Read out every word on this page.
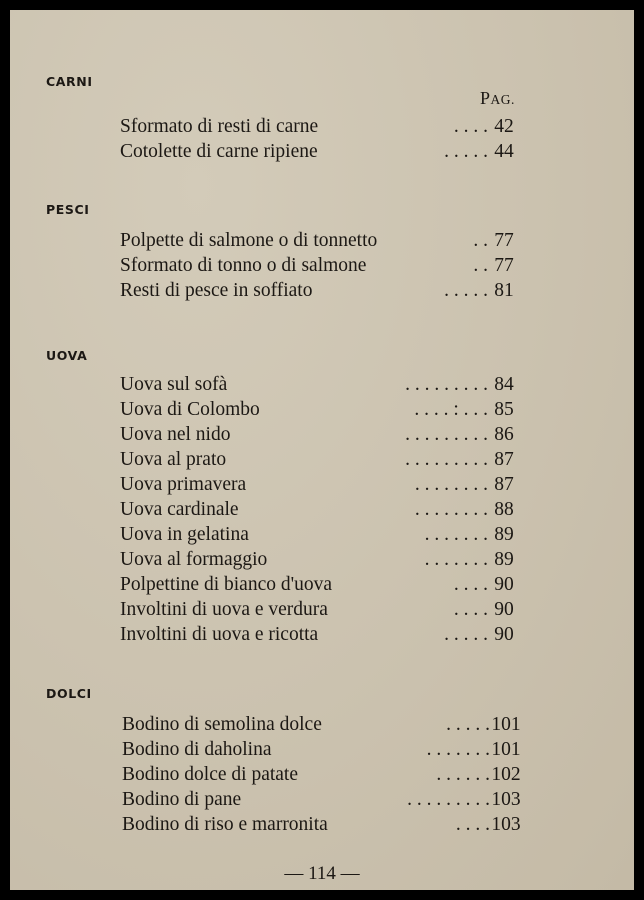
PAG.
CARNI
Sformato di resti di carne	. . . . 42
Cotolette di carne ripiene	. . . . . 44
PESCI
Polpette di salmone o di tonnetto	. . 77
Sformato di tonno o di salmone	. . 77
Resti di pesce in soffiato	. . . . . 81
UOVA
Uova sul sofà	. . . . . . . . . 84
Uova di Colombo	. . . . : . . . 85
Uova nel nido	. . . . . . . . . 86
Uova al prato	. . . . . . . . . 87
Uova primavera	. . . . . . . . 87
Uova cardinale	. . . . . . . . 88
Uova in gelatina	. . . . . . . 89
Uova al formaggio	. . . . . . . 89
Polpettine di bianco d'uova	. . . . 90
Involtini di uova e verdura	. . . . 90
Involtini di uova e ricotta	. . . . . 90
DOLCI
Bodino di semolina dolce	. . . . . 101
Bodino di daholina	. . . . . . . 101
Bodino dolce di patate	. . . . . . 102
Bodino di pane	. . . . . . . . . 103
Bodino di riso e marronita	. . . . 103
— 114 —
